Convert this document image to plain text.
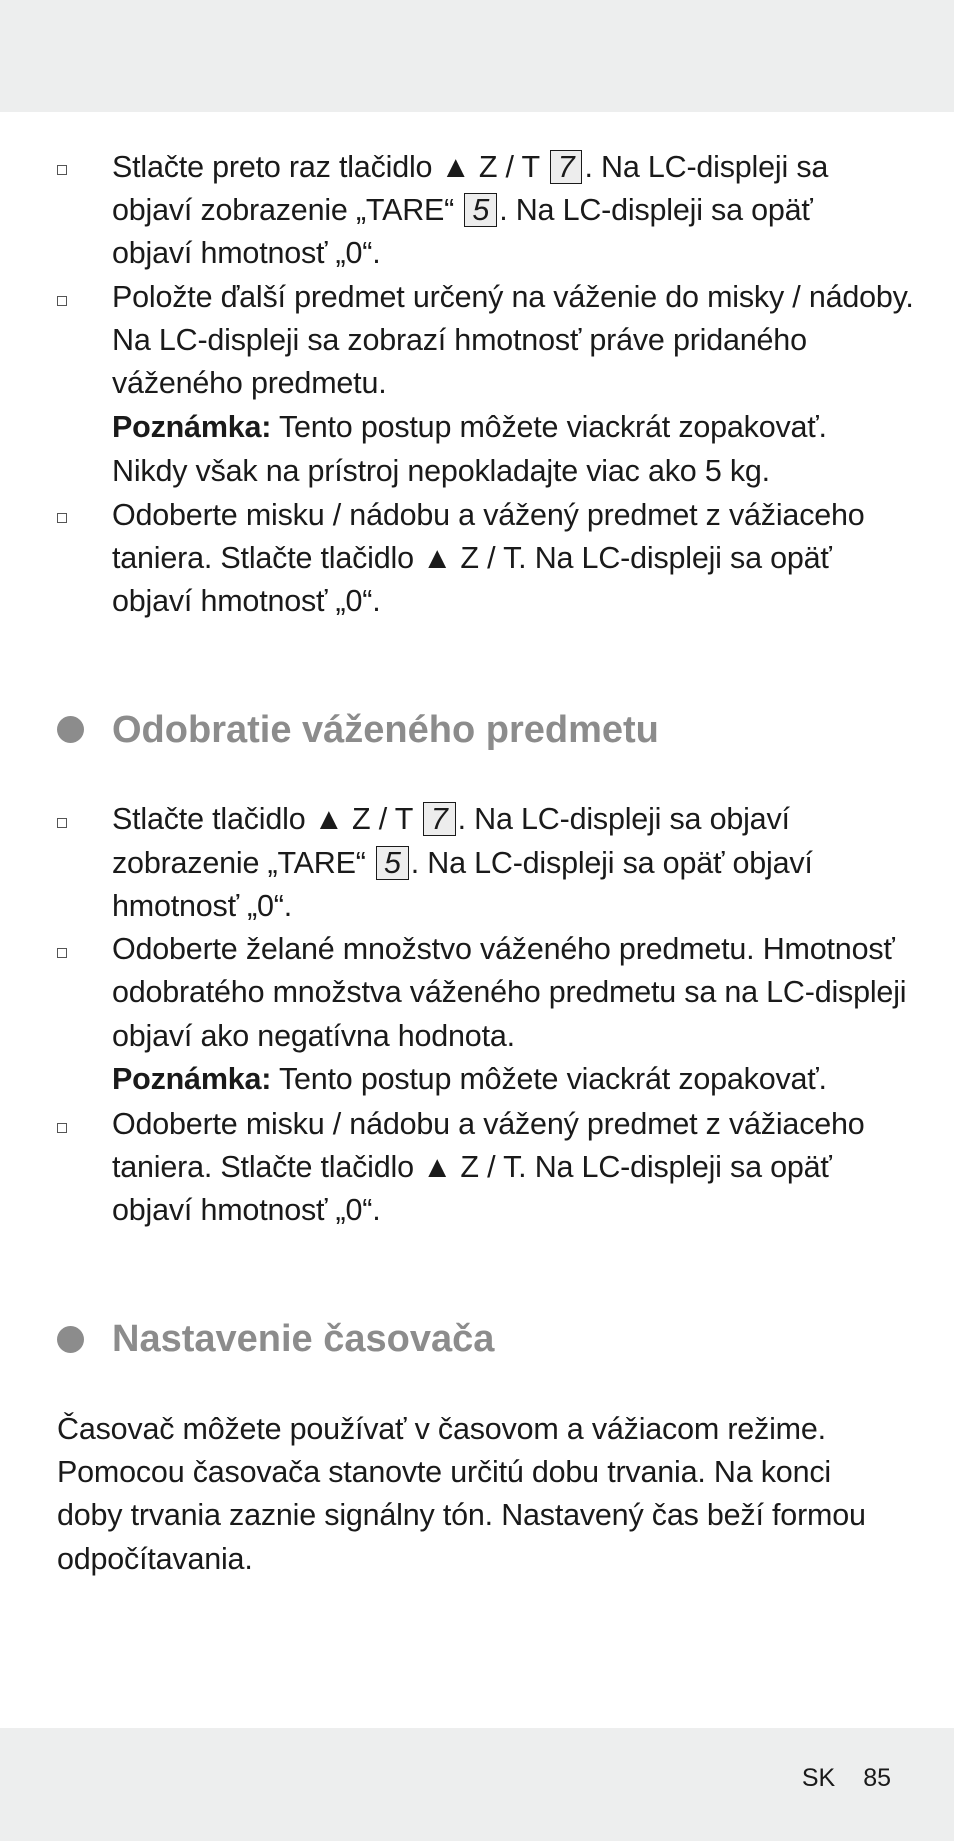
Stlačte preto raz tlačidlo ▲ Z / T 7 . Na LC-displeji sa
objaví zobrazenie „TARE“ 5 . Na LC-displeji sa opäť
objaví hmotnosť „0“.
Položte ďalší predmet určený na váženie do misky / nádoby.
Na LC-displeji sa zobrazí hmotnosť práve pridaného
váženého predmetu.
Poznámka: Tento postup môžete viackrát zopakovať.
Nikdy však na prístroj nepokladajte viac ako 5 kg.
Odoberte misku / nádobu a vážený predmet z vážiaceho
taniera. Stlačte tlačidlo ▲ Z / T. Na LC-displeji sa opäť
objaví hmotnosť „0“.
Odobratie váženého predmetu
Stlačte tlačidlo ▲ Z / T 7 . Na LC-displeji sa objaví
zobrazenie „TARE“ 5 . Na LC-displeji sa opäť objaví
hmotnosť „0“.
Odoberte želané množstvo váženého predmetu. Hmotnosť
odobratého množstva váženého predmetu sa na LC-displeji
objaví ako negatívna hodnota.
Poznámka: Tento postup môžete viackrát zopakovať.
Odoberte misku / nádobu a vážený predmet z vážiaceho
taniera. Stlačte tlačidlo ▲ Z / T. Na LC-displeji sa opäť
objaví hmotnosť „0“.
Nastavenie časovača
Časovač môžete používať v časovom a vážiacom režime.
Pomocou časovača stanovte určitú dobu trvania. Na konci
doby trvania zaznie signálny tón. Nastavený čas beží formou
odpočítavania.
SK 85
